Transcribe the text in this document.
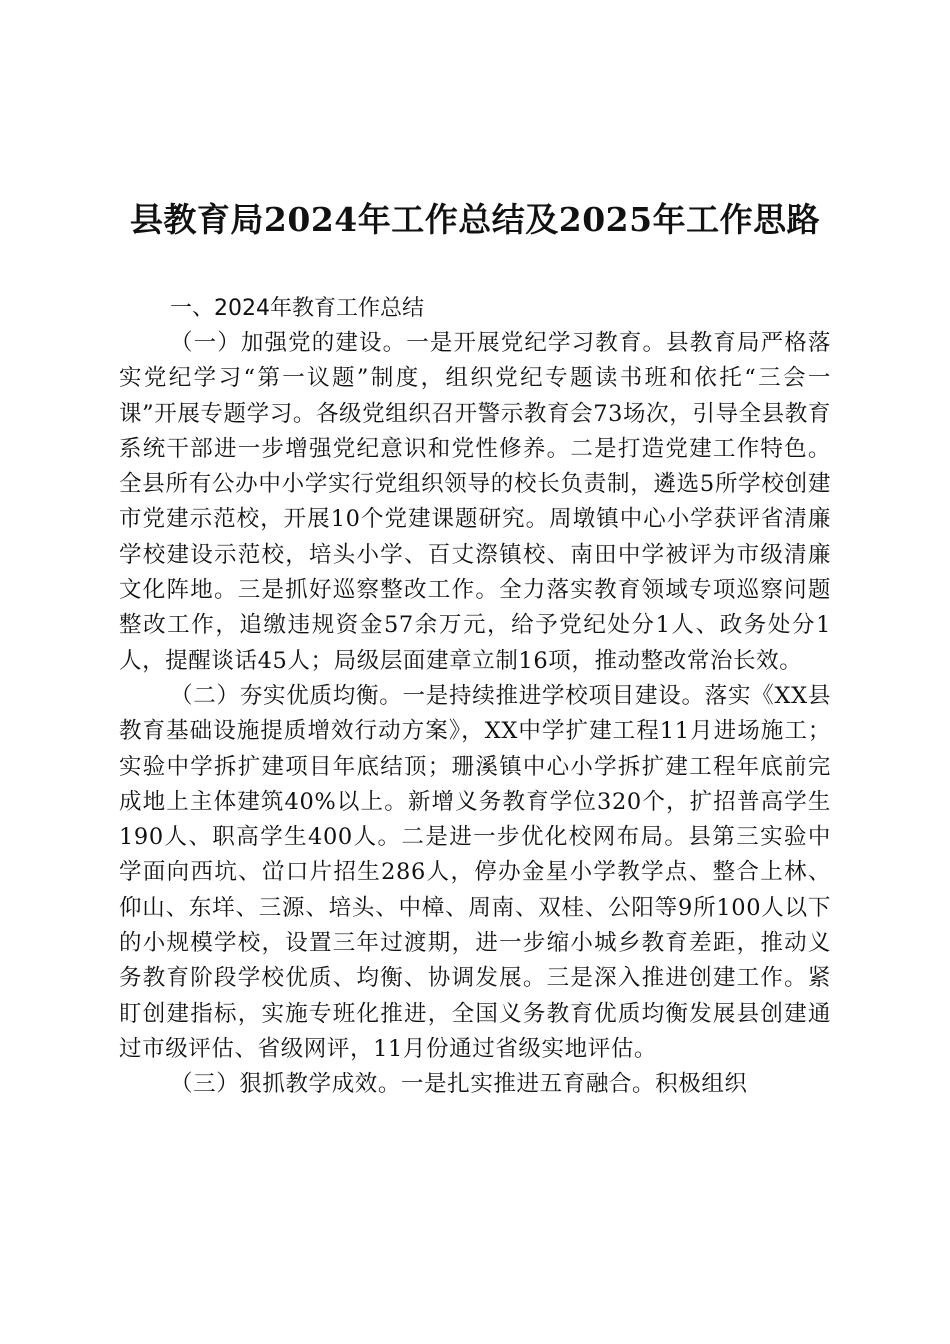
县教育局2024年工作总结及2025年工作思路
一、2024年教育工作总结

（一）加强党的建设。一是开展党纪学习教育。县教育局严格落实党纪学习“第一议题”制度，组织党纪专题读书班和依托“三会一课”开展专题学习。各级党组织召开警示教育会73场次，引导全县教育系统干部进一步增强党纪意识和党性修养。二是打造党建工作特色。全县所有公办中小学实行党组织领导的校长负责制，遴选5所学校创建市党建示范校，开展10个党建课题研究。周墩镇中心小学获评省清廉学校建设示范校，培头小学、百丈漈镇校、南田中学被评为市级清廉文化阵地。三是抓好巡察整改工作。全力落实教育领域专项巡察问题整改工作，追缴违规资金57余万元，给予党纪处分1人、政务处分1人，提醒谈话45人；局级层面建章立制16项，推动整改常治长效。

（二）夯实优质均衡。一是持续推进学校项目建设。落实《XX县教育基础设施提质增效行动方案》，XX中学扩建工程11月进场施工；实验中学拆扩建项目年底结顶；珊溪镇中心小学拆扩建工程年底前完成地上主体建筑40%以上。新增义务教育学位320个，扩招普高学生190人、职高学生400人。二是进一步优化校网布局。县第三实验中学面向西坑、峃口片招生286人，停办金星小学教学点、整合上林、仰山、东垟、三源、培头、中樟、周南、双桂、公阳等9所100人以下的小规模学校，设置三年过渡期，进一步缩小城乡教育差距，推动义务教育阶段学校优质、均衡、协调发展。三是深入推进创建工作。紧盯创建指标，实施专班化推进，全国义务教育优质均衡发展县创建通过市级评估、省级网评，11月份通过省级实地评估。

（三）狠抓教学成效。一是扎实推进五育融合。积极组织
